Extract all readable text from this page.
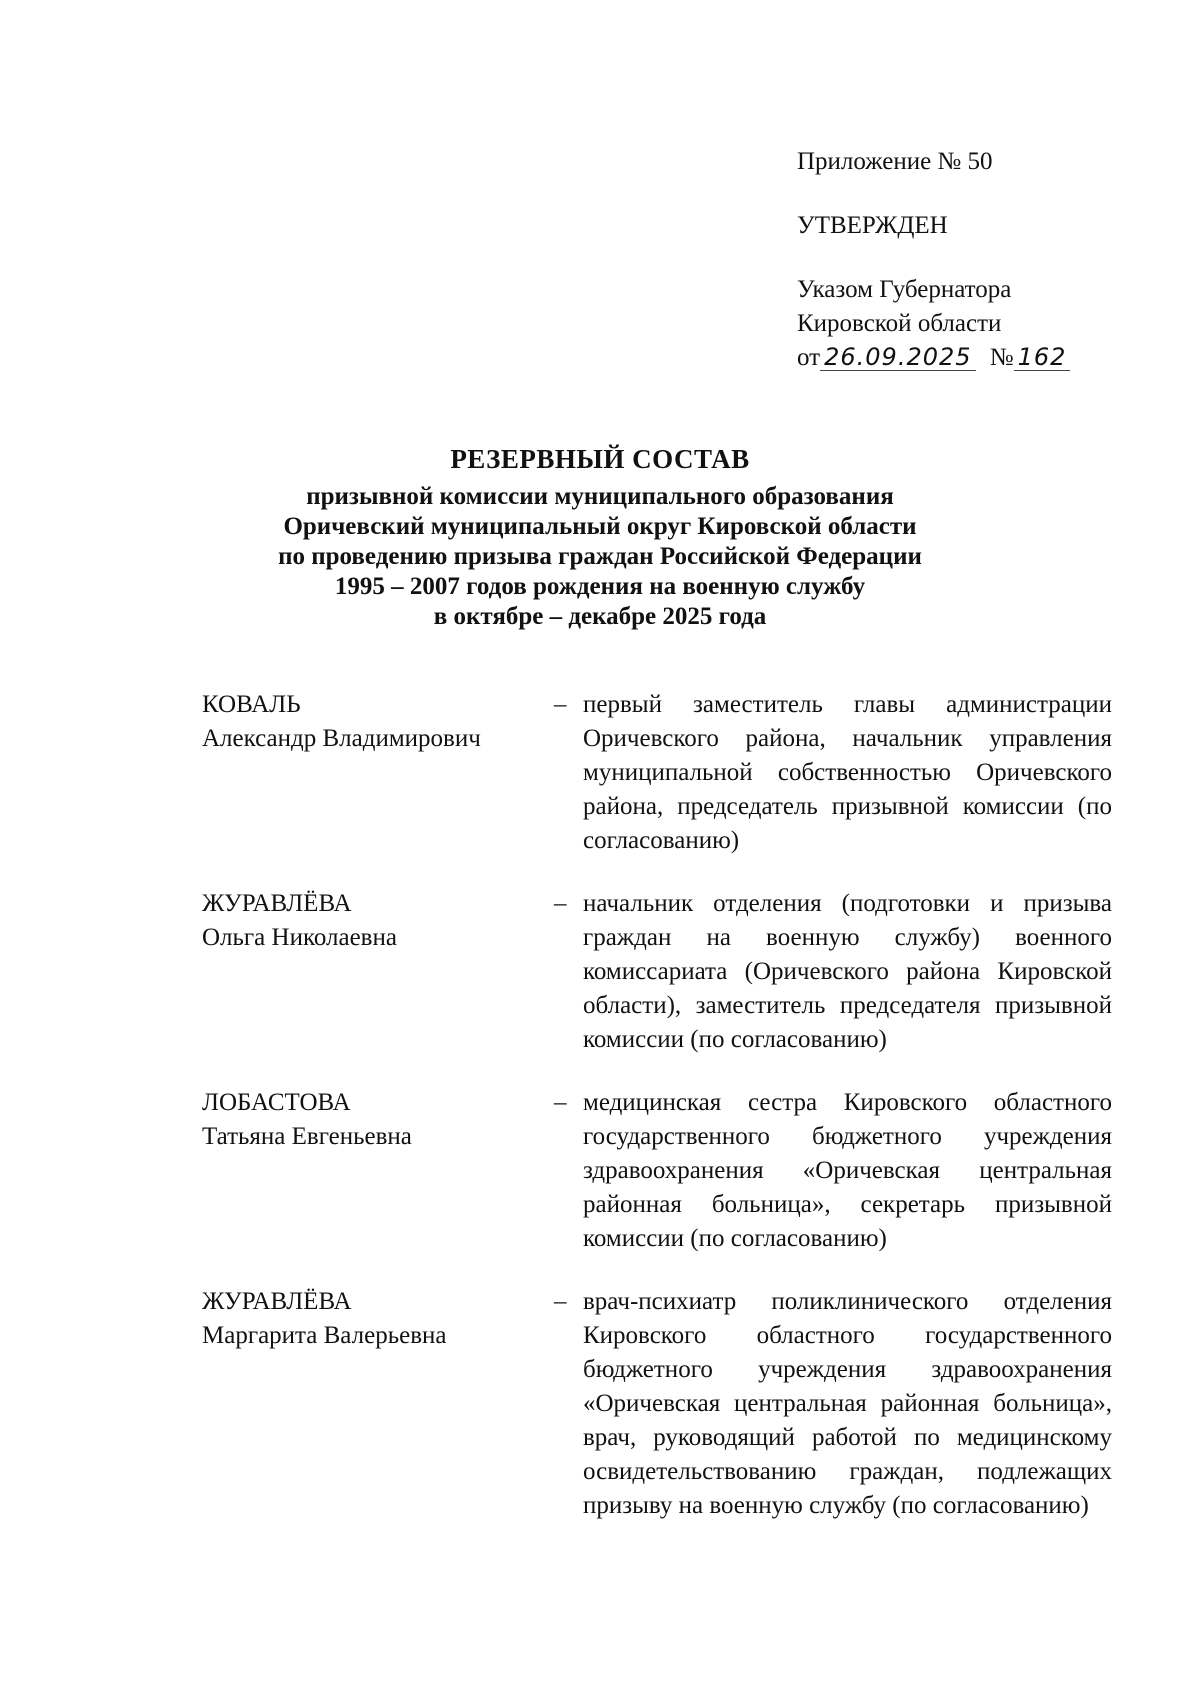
Приложение № 50
УТВЕРЖДЕН
Указом Губернатора
Кировской области
от 26.09.2025 № 162
РЕЗЕРВНЫЙ СОСТАВ
призывной комиссии муниципального образования
Оричевский муниципальный округ Кировской области
по проведению призыва граждан Российской Федерации
1995 – 2007 годов рождения на военную службу
в октябре – декабре 2025 года
КОВАЛЬ
Александр Владимирович
– первый заместитель главы администрации Оричевского района, начальник управления муниципальной собственностью Оричевского района, председатель призывной комиссии (по согласованию)
ЖУРАВЛЁВА
Ольга Николаевна
– начальник отделения (подготовки и призыва граждан на военную службу) военного комиссариата (Оричевского района Кировской области), заместитель председателя призывной комиссии (по согласованию)
ЛОБАСТОВА
Татьяна Евгеньевна
– медицинская сестра Кировского областного государственного бюджетного учреждения здравоохранения «Оричевская центральная районная больница», секретарь призывной комиссии (по согласованию)
ЖУРАВЛЁВА
Маргарита Валерьевна
– врач-психиатр поликлинического отделения Кировского областного государственного бюджетного учреждения здравоохранения «Оричевская центральная районная больница», врач, руководящий работой по медицинскому освидетельствованию граждан, подлежащих призыву на военную службу (по согласованию)
